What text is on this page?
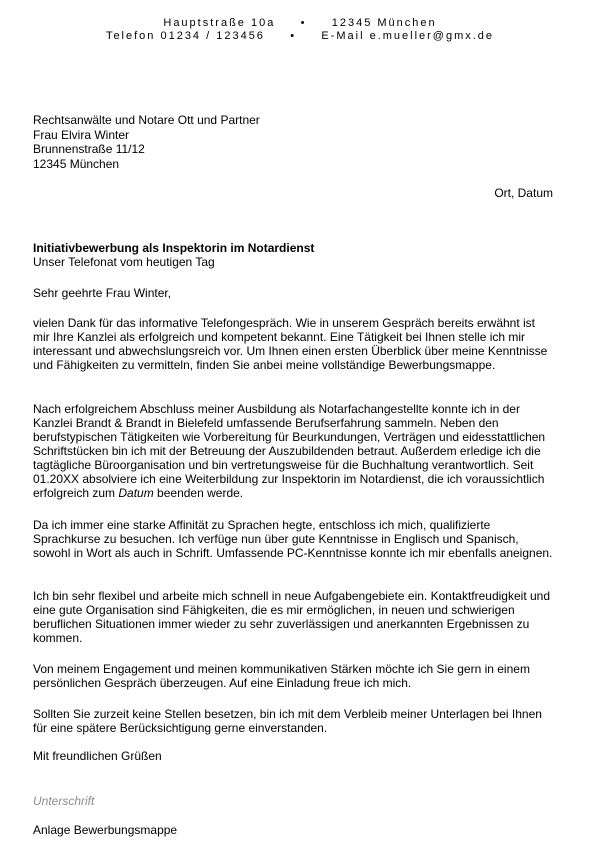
Hauptstraße 10a     •     12345 München
Telefon 01234 / 123456     •     E-Mail e.mueller@gmx.de
Rechtsanwälte und Notare Ott und Partner
Frau Elvira Winter
Brunnenstraße 11/12
12345 München
Ort, Datum
Initiativbewerbung als Inspektorin im Notardienst
Unser Telefonat vom heutigen Tag
Sehr geehrte Frau Winter,
vielen Dank für das informative Telefongespräch. Wie in unserem Gespräch bereits erwähnt ist mir Ihre Kanzlei als erfolgreich und kompetent bekannt. Eine Tätigkeit bei Ihnen stelle ich mir interessant und abwechslungsreich vor. Um Ihnen einen ersten Überblick über meine Kenntnisse und Fähigkeiten zu vermitteln, finden Sie anbei meine vollständige Bewerbungsmappe.
Nach erfolgreichem Abschluss meiner Ausbildung als Notarfachangestellte konnte ich in der Kanzlei Brandt & Brandt in Bielefeld umfassende Berufserfahrung sammeln. Neben den berufstypischen Tätigkeiten wie Vorbereitung für Beurkundungen, Verträgen und eidesstattlichen Schriftstücken bin ich mit der Betreuung der Auszubildenden betraut. Außerdem erledige ich die tagtägliche Büroorganisation und bin vertretungsweise für die Buchhaltung verantwortlich. Seit 01.20XX absolviere ich eine Weiterbildung zur Inspektorin im Notardienst, die ich voraussichtlich erfolgreich zum Datum beenden werde.
Da ich immer eine starke Affinität zu Sprachen hegte, entschloss ich mich, qualifizierte Sprachkurse zu besuchen. Ich verfüge nun über gute Kenntnisse in Englisch und Spanisch, sowohl in Wort als auch in Schrift. Umfassende PC-Kenntnisse konnte ich mir ebenfalls aneignen.
Ich bin sehr flexibel und arbeite mich schnell in neue Aufgabengebiete ein. Kontaktfreudigkeit und eine gute Organisation sind Fähigkeiten, die es mir ermöglichen, in neuen und schwierigen beruflichen Situationen immer wieder zu sehr zuverlässigen und anerkannten Ergebnissen zu kommen.
Von meinem Engagement und meinen kommunikativen Stärken möchte ich Sie gern in einem persönlichen Gespräch überzeugen. Auf eine Einladung freue ich mich.
Sollten Sie zurzeit keine Stellen besetzen, bin ich mit dem Verbleib meiner Unterlagen bei Ihnen für eine spätere Berücksichtigung gerne einverstanden.
Mit freundlichen Grüßen
Unterschrift
Anlage Bewerbungsmappe
